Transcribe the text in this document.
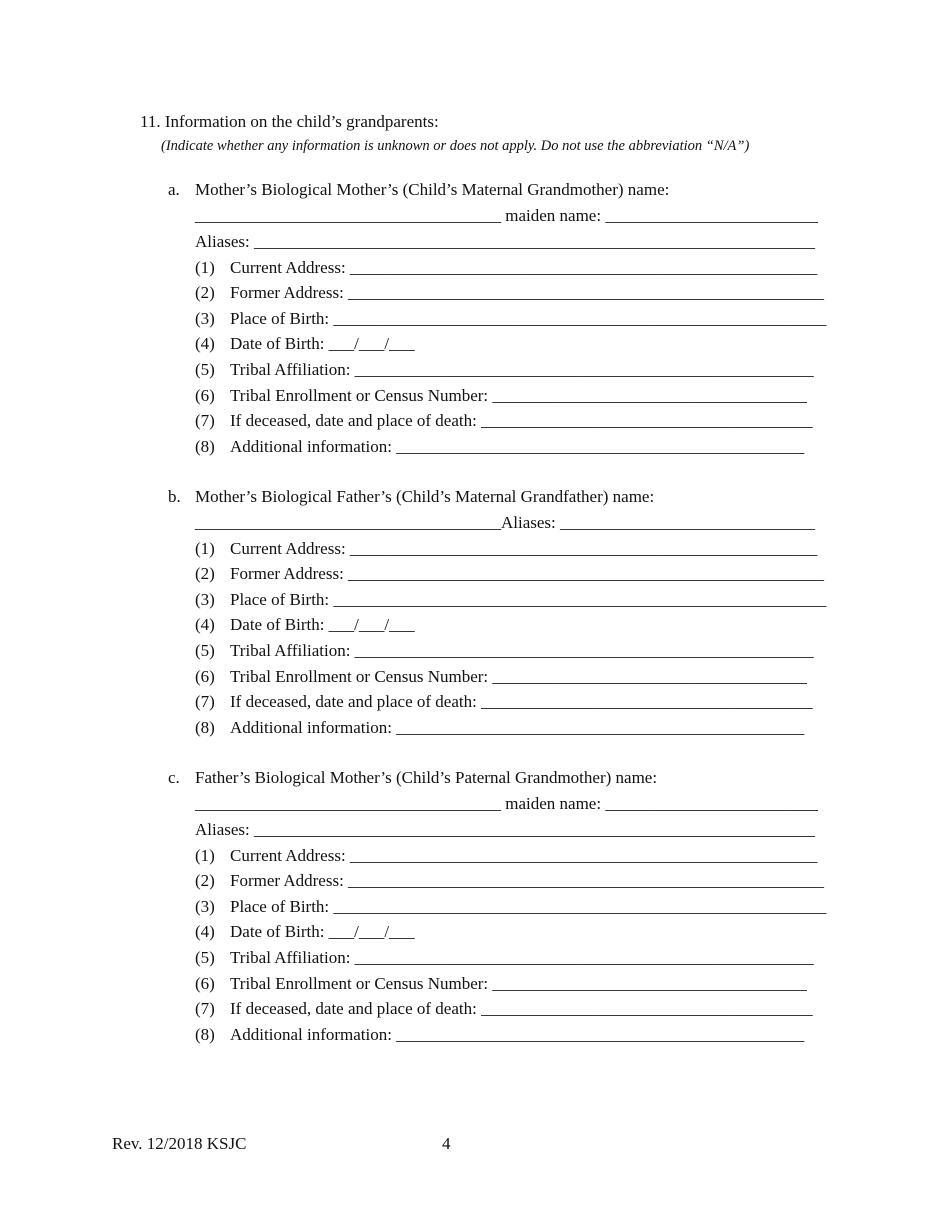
11. Information on the child’s grandparents:
(Indicate whether any information is unknown or does not apply. Do not use the abbreviation “N/A”)
a. Mother’s Biological Mother’s (Child’s Maternal Grandmother) name:
____________________________________ maiden name: _________________________
Aliases: __________________________________________________________________
(1) Current Address: _______________________________________________________
(2) Former Address: ________________________________________________________
(3) Place of Birth: __________________________________________________________
(4) Date of Birth: ___/___/___
(5) Tribal Affiliation: ______________________________________________________
(6) Tribal Enrollment or Census Number: _____________________________________
(7) If deceased, date and place of death: _______________________________________
(8) Additional information: ________________________________________________
b. Mother’s Biological Father’s (Child’s Maternal Grandfather) name:
____________________________________Aliases: ______________________________
(1) Current Address: _______________________________________________________
(2) Former Address: ________________________________________________________
(3) Place of Birth: __________________________________________________________
(4) Date of Birth: ___/___/___
(5) Tribal Affiliation: ______________________________________________________
(6) Tribal Enrollment or Census Number: _____________________________________
(7) If deceased, date and place of death: _______________________________________
(8) Additional information: ________________________________________________
c. Father’s Biological Mother’s (Child’s Paternal Grandmother) name:
____________________________________ maiden name: _________________________
Aliases: __________________________________________________________________
(1) Current Address: _______________________________________________________
(2) Former Address: ________________________________________________________
(3) Place of Birth: __________________________________________________________
(4) Date of Birth: ___/___/___
(5) Tribal Affiliation: ______________________________________________________
(6) Tribal Enrollment or Census Number: _____________________________________
(7) If deceased, date and place of death: _______________________________________
(8) Additional information: ________________________________________________
Rev. 12/2018 KSJC	4
